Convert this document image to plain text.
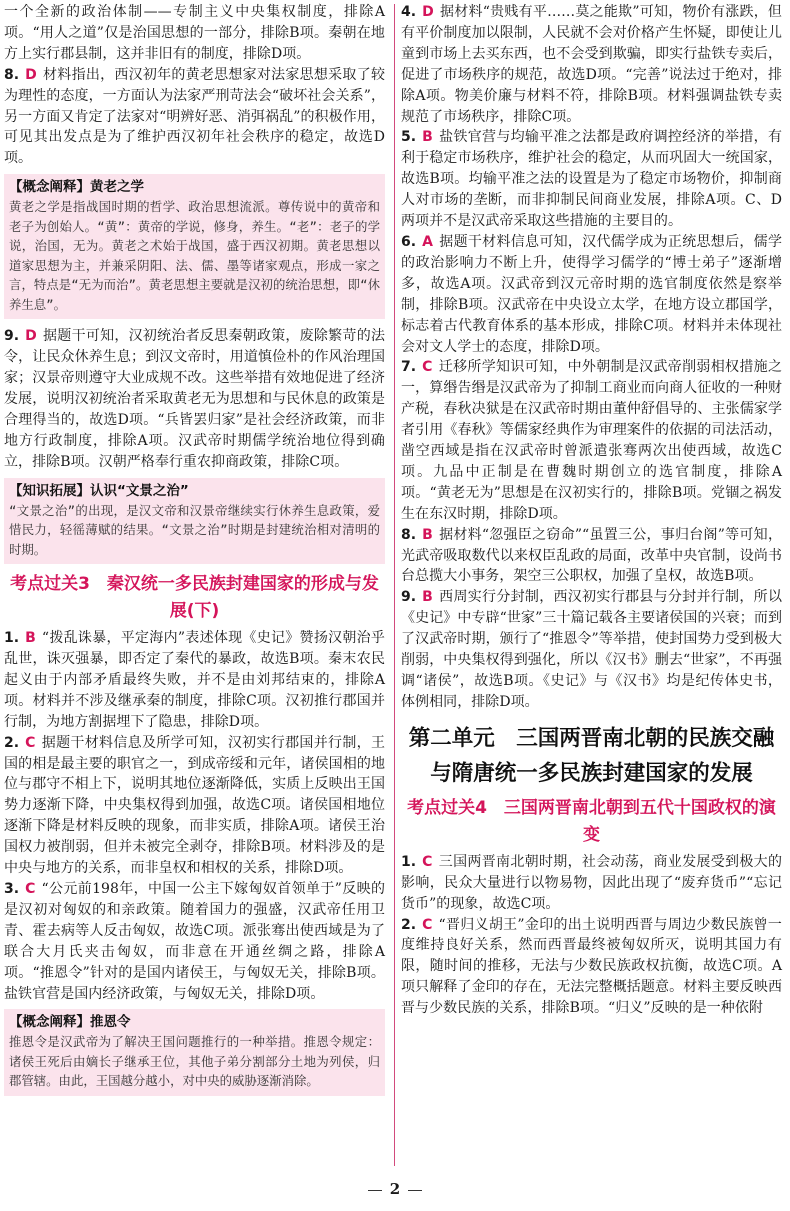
一个全新的政治体制——专制主义中央集权制度，排除A项。“用人之道”仅是治国思想的一部分，排除B项。秦朝在地方上实行郡县制，这并非旧有的制度，排除D项。

8. D 材料指出，西汉初年的黄老思想家对法家思想采取了较为理性的态度，一方面认为法家严刑苛法会“破坏社会关系”，另一方面又肯定了法家对“明辨好恶、消弭祸乱”的积极作用，可见其出发点是为了维护西汉初年社会秩序的稳定，故选D项。

【概念阐释】黄老之学
黄老之学是指战国时期的哲学、政治思想流派。尊传说中的黄帝和老子为创始人。“黄”：黄帝的学说，修身，养生。“老”：老子的学说，治国，无为。黄老之术始于战国，盛于西汉初期。黄老思想以道家思想为主，并兼采阴阳、法、儒、墨等诸家观点，形成一家之言，特点是“无为而治”。黄老思想主要就是汉初的统治思想，即“休养生息”。

9. D 据题干可知，汉初统治者反思秦朝政策，废除繁苛的法令，让民众休养生息；到汉文帝时，用道慎俭朴的作风治理国家；汉景帝则遵守大业成规不改。这些举措有效地促进了经济发展，说明汉初统治者采取黄老无为思想和与民休息的政策是合理得当的，故选D项。“兵皆罢归家”是社会经济政策，而非地方行政制度，排除A项。汉武帝时期儒学统治地位得到确立，排除B项。汉朝严格奉行重农抑商政策，排除C项。

【知识拓展】认识“文景之治”
“文景之治”的出现，是汉文帝和汉景帝继续实行休养生息政策，爱惜民力，轻徭薄赋的结果。“文景之治”时期是封建统治相对清明的时期。
考点过关3　秦汉统一多民族封建国家的形成与发展(下)

1. B “拨乱诛暴，平定海内”表述体现《史记》赞扬汉朝治乎乱世，诛灭强暴，即否定了秦代的暴政，故选B项。秦末农民起义由于内部矛盾最终失败，并不是由刘邦结束的，排除A项。材料并不涉及继承秦的制度，排除C项。汉初推行郡国并行制，为地方割据埋下了隐患，排除D项。

2. C 据题干材料信息及所学可知，汉初实行郡国并行制，王国的相是最主要的职官之一，到成帝绥和元年，诸侯国相的地位与郡守不相上下，说明其地位逐渐降低，实质上反映出王国势力逐渐下降，中央集权得到加强，故选C项。诸侯国相地位逐渐下降是材料反映的现象，而非实质，排除A项。诸侯王治国权力被削弱，但并未被完全剥夺，排除B项。材料涉及的是中央与地方的关系，而非皇权和相权的关系，排除D项。

3. C “公元前198年，中国一公主下嫁匈奴首领单于”反映的是汉初对匈奴的和亲政策。随着国力的强盛，汉武帝任用卫青、霍去病等人反击匈奴，故选C项。派张骞出使西域是为了联合大月氏夹击匈奴，而非意在开通丝绸之路，排除A项。“推恩令”针对的是国内诸侯王，与匈奴无关，排除B项。盐铁官营是国内经济政策，与匈奴无关，排除D项。

【概念阐释】推恩令
推恩令是汉武帝为了解决王国问题推行的一种举措。推恩令规定：诸侯王死后由嫡长子继承王位，其他子弟分割部分土地为列侯，归郡管辖。由此，王国越分越小，对中央的威胁逐渐消除。

4. D 据材料“贵贱有平……莫之能欺”可知，物价有涨跌，但有平价制度加以限制，人民就不会对价格产生怀疑，即使让儿童到市场上去买东西，也不会受到欺骗，即实行盐铁专卖后，促进了市场秩序的规范，故选D项。“完善”说法过于绝对，排除A项。物美价廉与材料不符，排除B项。材料强调盐铁专卖规范了市场秩序，排除C项。

5. B 盐铁官营与均输平准之法都是政府调控经济的举措，有利于稳定市场秩序，维护社会的稳定，从而巩固大一统国家，故选B项。均输平准之法的设置是为了稳定市场物价，抑制商人对市场的垄断，而非抑制民间商业发展，排除A项。C、D两项并不是汉武帝采取这些措施的主要目的。

6. A 据题干材料信息可知，汉代儒学成为正统思想后，儒学的政治影响力不断上升，使得学习儒学的“博士弟子”逐渐增多，故选A项。汉武帝到汉元帝时期的选官制度依然是察举制，排除B项。汉武帝在中央设立太学，在地方设立郡国学，标志着古代教育体系的基本形成，排除C项。材料并未体现社会对文人学士的态度，排除D项。

7. C 迁移所学知识可知，中外朝制是汉武帝削弱相权措施之一，算缗告缗是汉武帝为了抑制工商业而向商人征收的一种财产税，春秋决狱是在汉武帝时期由董仲舒倡导的、主张儒家学者引用《春秋》等儒家经典作为审理案件的依据的司法活动，凿空西域是指在汉武帝时曾派遣张骞两次出使西域，故选C项。九品中正制是在曹魏时期创立的选官制度，排除A项。“黄老无为”思想是在汉初实行的，排除B项。党锢之祸发生在东汉时期，排除D项。

8. B 据材料“忽强臣之窃命”“虽置三公，事归台阁”等可知，光武帝吸取数代以来权臣乱政的局面，改革中央官制，设尚书台总揽大小事务，架空三公职权，加强了皇权，故选B项。

9. B 西周实行分封制，西汉初实行郡县与分封并行制，所以《史记》中专辟“世家”三十篇记载各主要诸侯国的兴衰；而到了汉武帝时期，颁行了“推恩令”等举措，使封国势力受到极大削弱，中央集权得到强化，所以《汉书》删去“世家”，不再强调“诸侯”，故选B项。《史记》与《汉书》均是纪传体史书，体例相同，排除D项。

第二单元　三国两晋南北朝的民族交融与隋唐统一多民族封建国家的发展
考点过关4　三国两晋南北朝到五代十国政权的演变

1. C 三国两晋南北朝时期，社会动荡，商业发展受到极大的影响，民众大量进行以物易物，因此出现了“废弃货币”“忘记货币”的现象，故选C项。

2. C “晋归义胡王”金印的出土说明西晋与周边少数民族曾一度维持良好关系，然而西晋最终被匈奴所灭，说明其国力有限，随时间的推移，无法与少数民族政权抗衡，故选C项。A项只解释了金印的存在，无法完整概括题意。材料主要反映西晋与少数民族的关系，排除B项。“归义”反映的是一种依附

2
